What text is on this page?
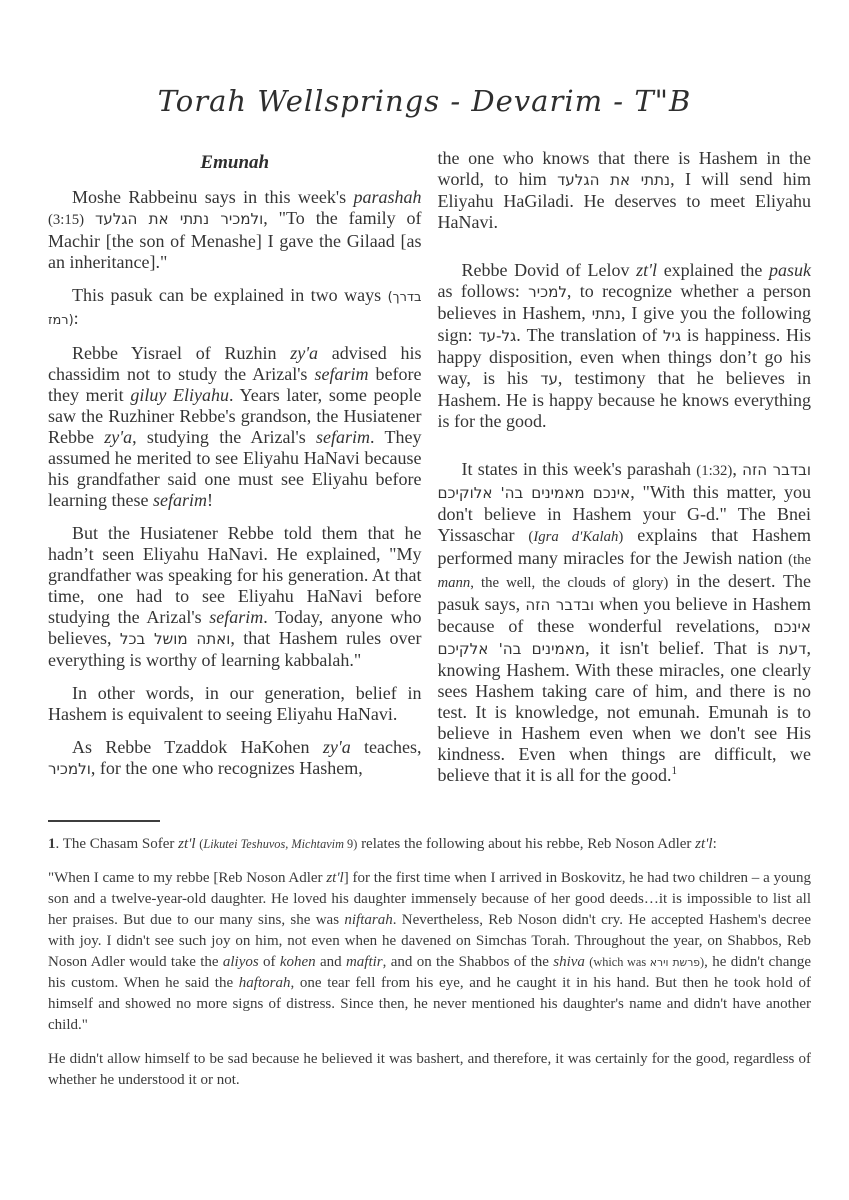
Torah Wellsprings - Devarim - T"B
Emunah

Moshe Rabbeinu says in this week's parashah (3:15) ולמכיר נתתי את הגלעד, "To the family of Machir [the son of Menashe] I gave the Gilaad [as an inheritance]."

This pasuk can be explained in two ways (בדרך רמז):

Rebbe Yisrael of Ruzhin zy'a advised his chassidim not to study the Arizal's sefarim before they merit giluy Eliyahu. Years later, some people saw the Ruzhiner Rebbe's grandson, the Husiatener Rebbe zy'a, studying the Arizal's sefarim. They assumed he merited to see Eliyahu HaNavi because his grandfather said one must see Eliyahu before learning these sefarim!

But the Husiatener Rebbe told them that he hadn’t seen Eliyahu HaNavi. He explained, "My grandfather was speaking for his generation. At that time, one had to see Eliyahu HaNavi before studying the Arizal's sefarim. Today, anyone who believes, ואתה מושל בכל, that Hashem rules over everything is worthy of learning kabbalah."

In other words, in our generation, belief in Hashem is equivalent to seeing Eliyahu HaNavi.

As Rebbe Tzaddok HaKohen zy'a teaches, ולמכיר, for the one who recognizes Hashem,

the one who knows that there is Hashem in the world, to him נתתי את הגלעד, I will send him Eliyahu HaGiladi. He deserves to meet Eliyahu HaNavi.

Rebbe Dovid of Lelov zt'l explained the pasuk as follows: למכיר, to recognize whether a person believes in Hashem, נתתי, I give you the following sign: גל-עד. The translation of גיל is happiness. His happy disposition, even when things don’t go his way, is his עד, testimony that he believes in Hashem. He is happy because he knows everything is for the good.

It states in this week's parashah (1:32), ובדבר הזה אינכם מאמינים בה' אלוקיכם, "With this matter, you don't believe in Hashem your G-d." The Bnei Yissaschar (Igra d'Kalah) explains that Hashem performed many miracles for the Jewish nation (the mann, the well, the clouds of glory) in the desert. The pasuk says, ובדבר הזה when you believe in Hashem because of these wonderful revelations, אינכם מאמינים בה' אלקיכם, it isn't belief. That is דעת, knowing Hashem. With these miracles, one clearly sees Hashem taking care of him, and there is no test. It is knowledge, not emunah. Emunah is to believe in Hashem even when we don't see His kindness. Even when things are difficult, we believe that it is all for the good.$^1$

1. The Chasam Sofer zt'l (Likutei Teshuvos, Michtavim 9) relates the following about his rebbe, Reb Noson Adler zt'l:

"When I came to my rebbe [Reb Noson Adler zt'l] for the first time when I arrived in Boskovitz, he had two children – a young son and a twelve-year-old daughter. He loved his daughter immensely because of her good deeds…it is impossible to list all her praises. But due to our many sins, she was niftarah. Nevertheless, Reb Noson didn't cry. He accepted Hashem's decree with joy. I didn't see such joy on him, not even when he davened on Simchas Torah. Throughout the year, on Shabbos, Reb Noson Adler would take the aliyos of kohen and maftir, and on the Shabbos of the shiva (which was פרשת וירא), he didn't change his custom. When he said the haftorah, one tear fell from his eye, and he caught it in his hand. But then he took hold of himself and showed no more signs of distress. Since then, he never mentioned his daughter's name and didn't have another child."

He didn't allow himself to be sad because he believed it was bashert, and therefore, it was certainly for the good, regardless of whether he understood it or not.
